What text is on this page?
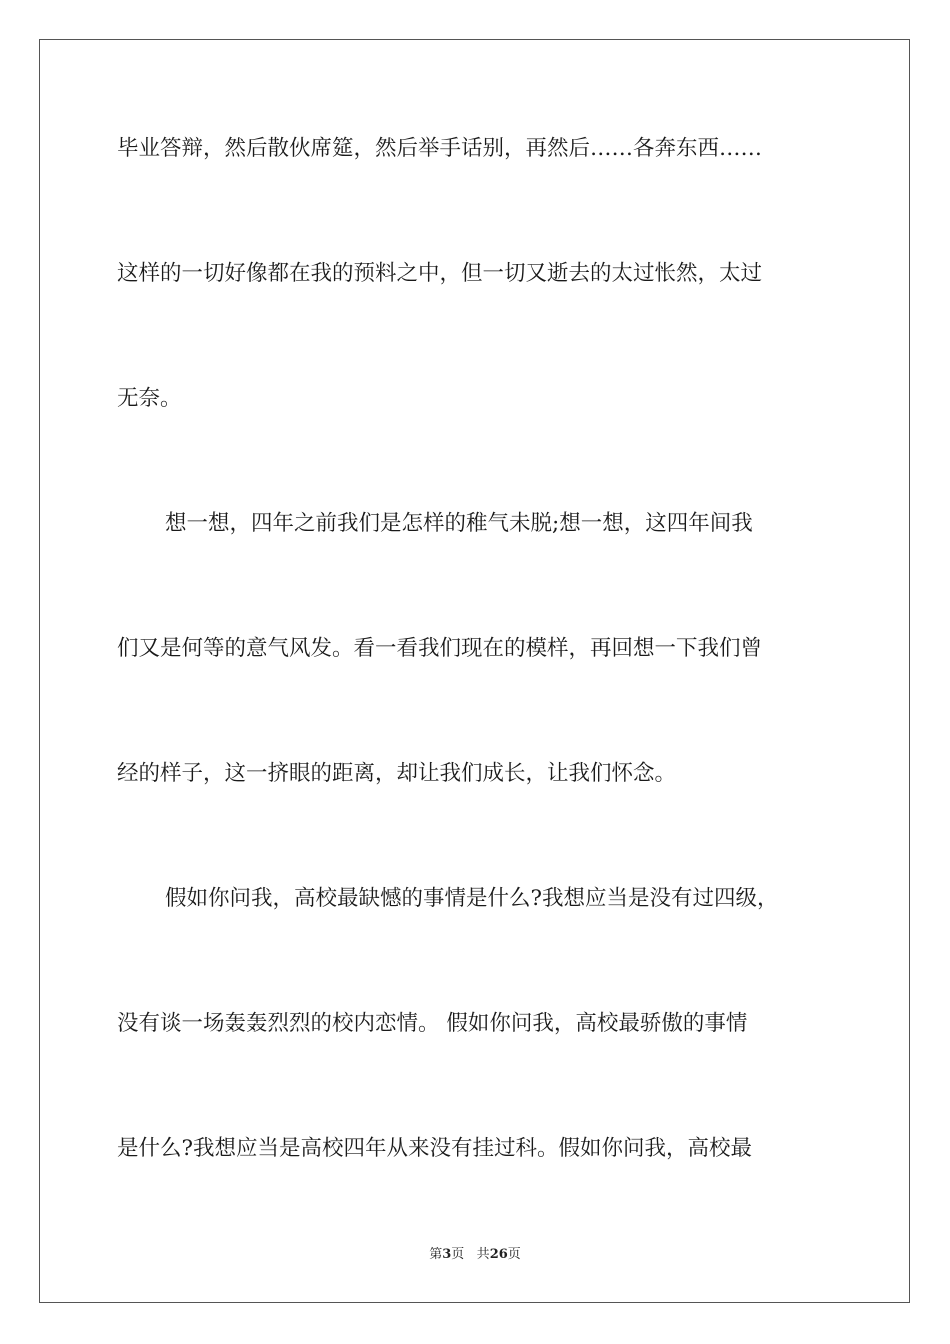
毕业答辩，然后散伙席筵，然后举手话别，再然后……各奔东西……
这样的一切好像都在我的预料之中，但一切又逝去的太过怅然，太过
无奈。
想一想，四年之前我们是怎样的稚气未脱;想一想，这四年间我
们又是何等的意气风发。看一看我们现在的模样，再回想一下我们曾
经的样子，这一挤眼的距离，却让我们成长，让我们怀念。
假如你问我，高校最缺憾的事情是什么?我想应当是没有过四级，
没有谈一场轰轰烈烈的校内恋情。 假如你问我，高校最骄傲的事情
是什么?我想应当是高校四年从来没有挂过科。假如你问我，高校最
第3页 共26页
